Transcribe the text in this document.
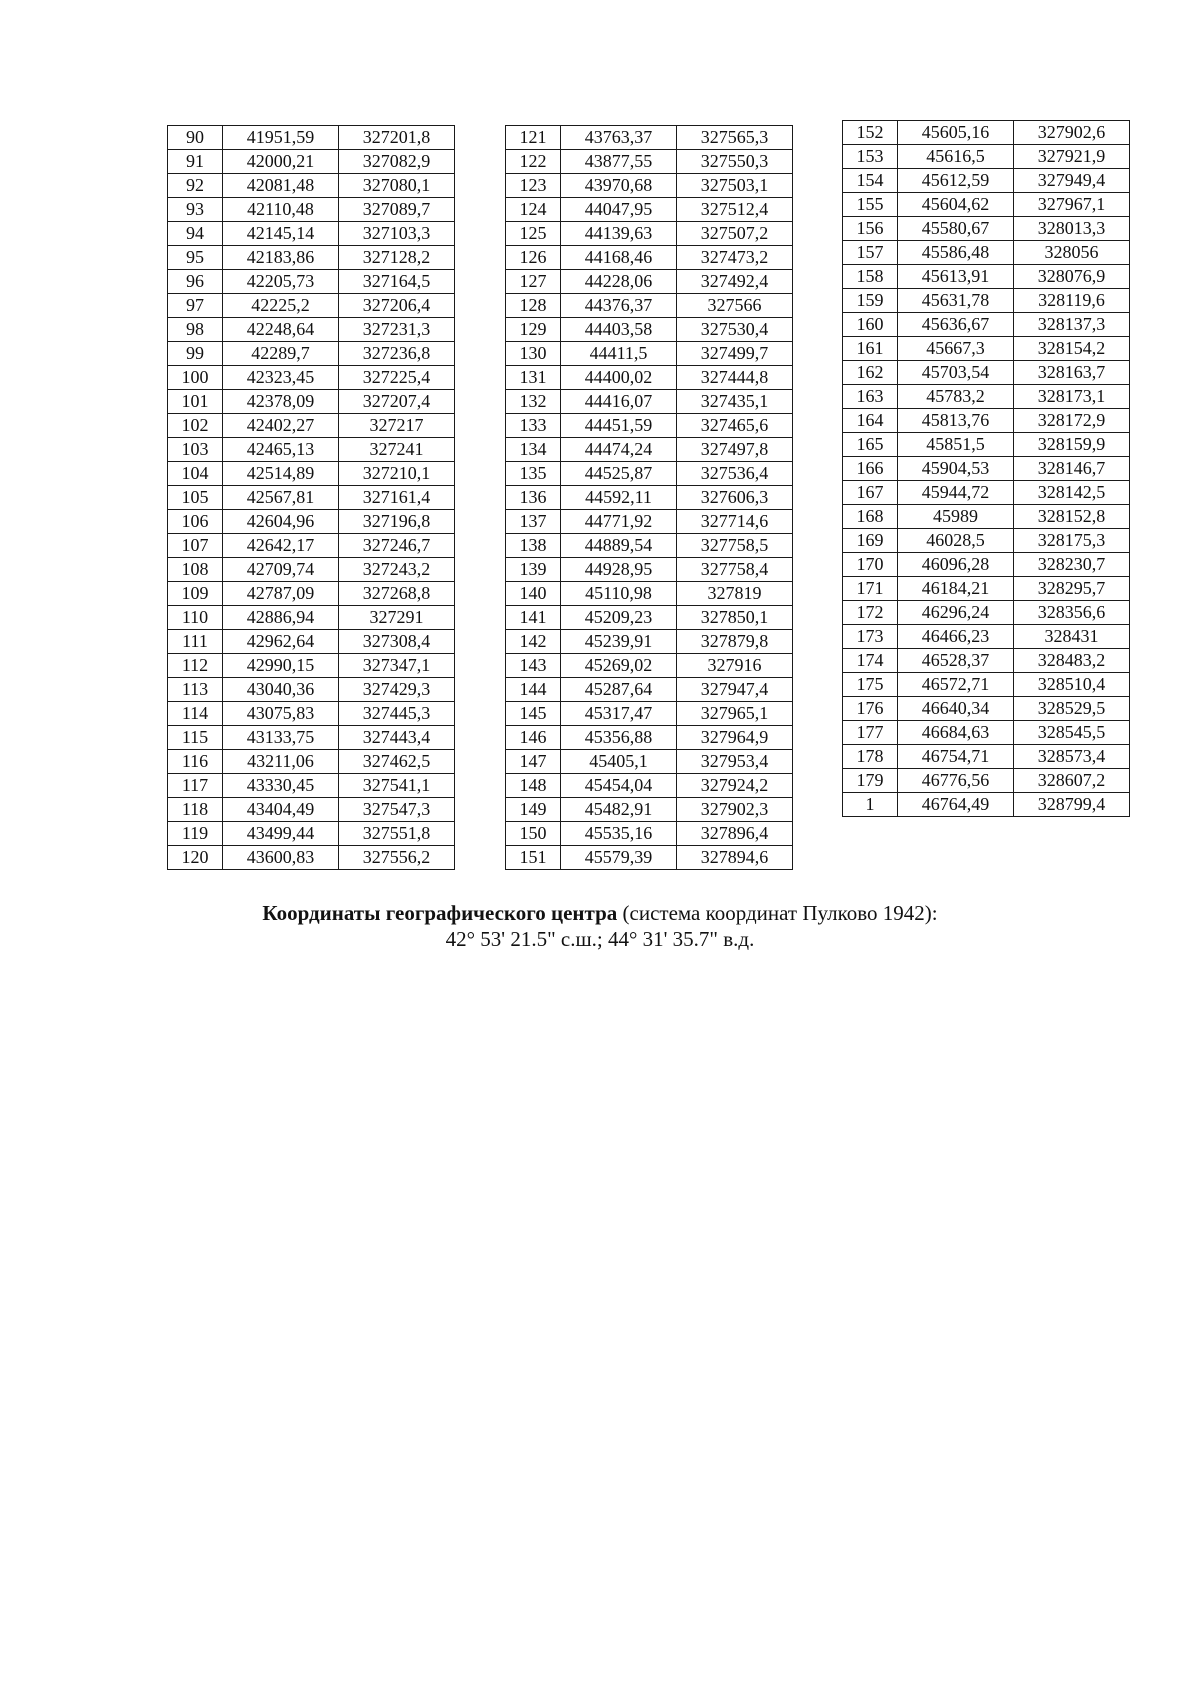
90	41951,59	327201,8
91	42000,21	327082,9
92	42081,48	327080,1
93	42110,48	327089,7
94	42145,14	327103,3
95	42183,86	327128,2
96	42205,73	327164,5
97	42225,2	327206,4
98	42248,64	327231,3
99	42289,7	327236,8
100	42323,45	327225,4
101	42378,09	327207,4
102	42402,27	327217
103	42465,13	327241
104	42514,89	327210,1
105	42567,81	327161,4
106	42604,96	327196,8
107	42642,17	327246,7
108	42709,74	327243,2
109	42787,09	327268,8
110	42886,94	327291
111	42962,64	327308,4
112	42990,15	327347,1
113	43040,36	327429,3
114	43075,83	327445,3
115	43133,75	327443,4
116	43211,06	327462,5
117	43330,45	327541,1
118	43404,49	327547,3
119	43499,44	327551,8
120	43600,83	327556,2
121	43763,37	327565,3
122	43877,55	327550,3
123	43970,68	327503,1
124	44047,95	327512,4
125	44139,63	327507,2
126	44168,46	327473,2
127	44228,06	327492,4
128	44376,37	327566
129	44403,58	327530,4
130	44411,5	327499,7
131	44400,02	327444,8
132	44416,07	327435,1
133	44451,59	327465,6
134	44474,24	327497,8
135	44525,87	327536,4
136	44592,11	327606,3
137	44771,92	327714,6
138	44889,54	327758,5
139	44928,95	327758,4
140	45110,98	327819
141	45209,23	327850,1
142	45239,91	327879,8
143	45269,02	327916
144	45287,64	327947,4
145	45317,47	327965,1
146	45356,88	327964,9
147	45405,1	327953,4
148	45454,04	327924,2
149	45482,91	327902,3
150	45535,16	327896,4
151	45579,39	327894,6
152	45605,16	327902,6
153	45616,5	327921,9
154	45612,59	327949,4
155	45604,62	327967,1
156	45580,67	328013,3
157	45586,48	328056
158	45613,91	328076,9
159	45631,78	328119,6
160	45636,67	328137,3
161	45667,3	328154,2
162	45703,54	328163,7
163	45783,2	328173,1
164	45813,76	328172,9
165	45851,5	328159,9
166	45904,53	328146,7
167	45944,72	328142,5
168	45989	328152,8
169	46028,5	328175,3
170	46096,28	328230,7
171	46184,21	328295,7
172	46296,24	328356,6
173	46466,23	328431
174	46528,37	328483,2
175	46572,71	328510,4
176	46640,34	328529,5
177	46684,63	328545,5
178	46754,71	328573,4
179	46776,56	328607,2
1	46764,49	328799,4
Координаты географического центра (система координат Пулково 1942):
42° 53' 21.5" с.ш.; 44° 31' 35.7" в.д.
